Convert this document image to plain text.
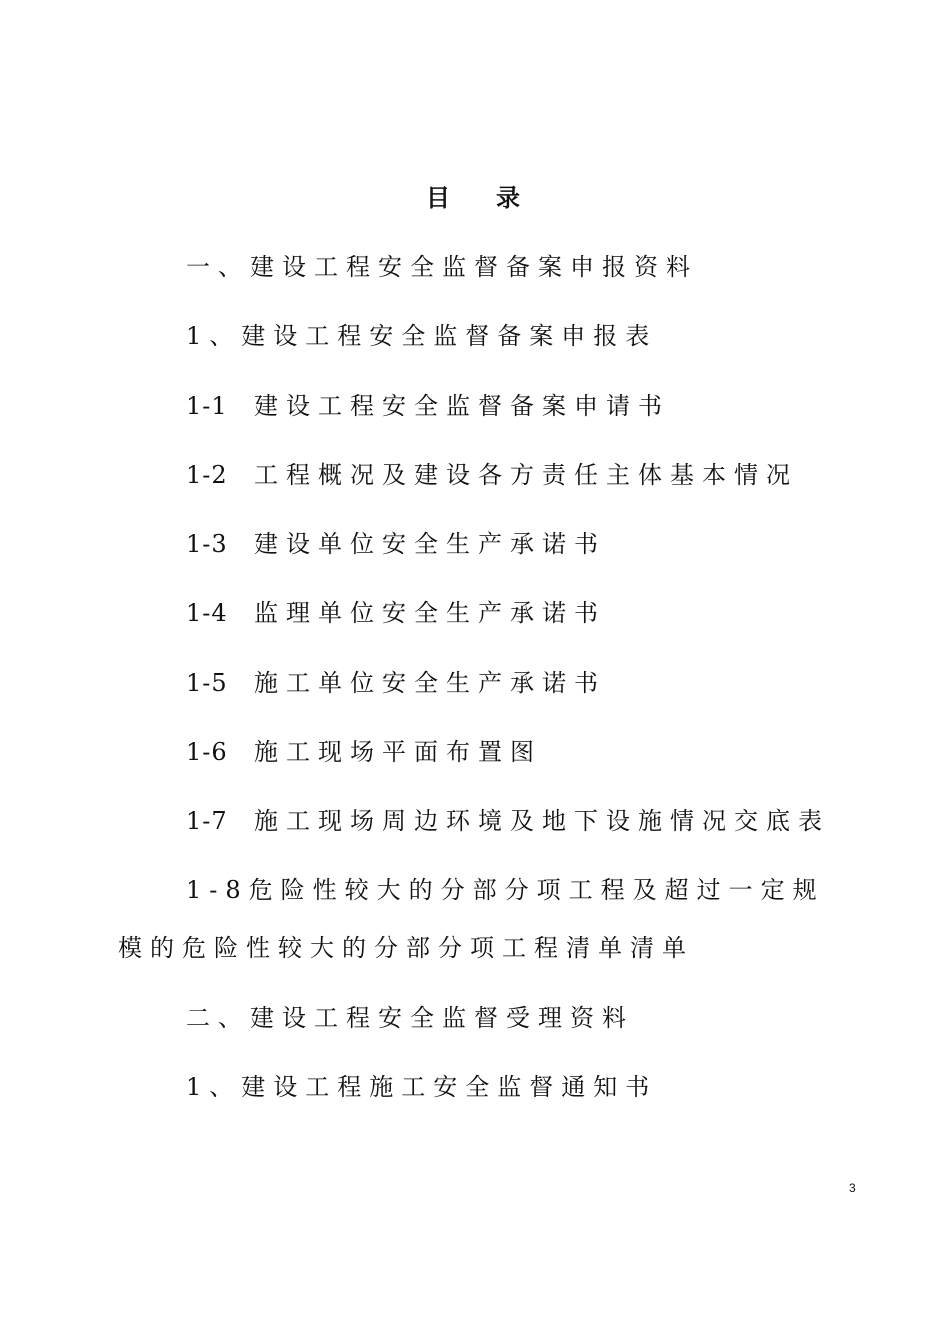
目 录
一、建设工程安全监督备案申报资料
1、建设工程安全监督备案申报表
1-1 建设工程安全监督备案申请书
1-2 工程概况及建设各方责任主体基本情况
1-3 建设单位安全生产承诺书
1-4 监理单位安全生产承诺书
1-5 施工单位安全生产承诺书
1-6 施工现场平面布置图
1-7 施工现场周边环境及地下设施情况交底表
1-8危险性较大的分部分项工程及超过一定规
模的危险性较大的分部分项工程清单清单
二、建设工程安全监督受理资料
1、建设工程施工安全监督通知书
3
